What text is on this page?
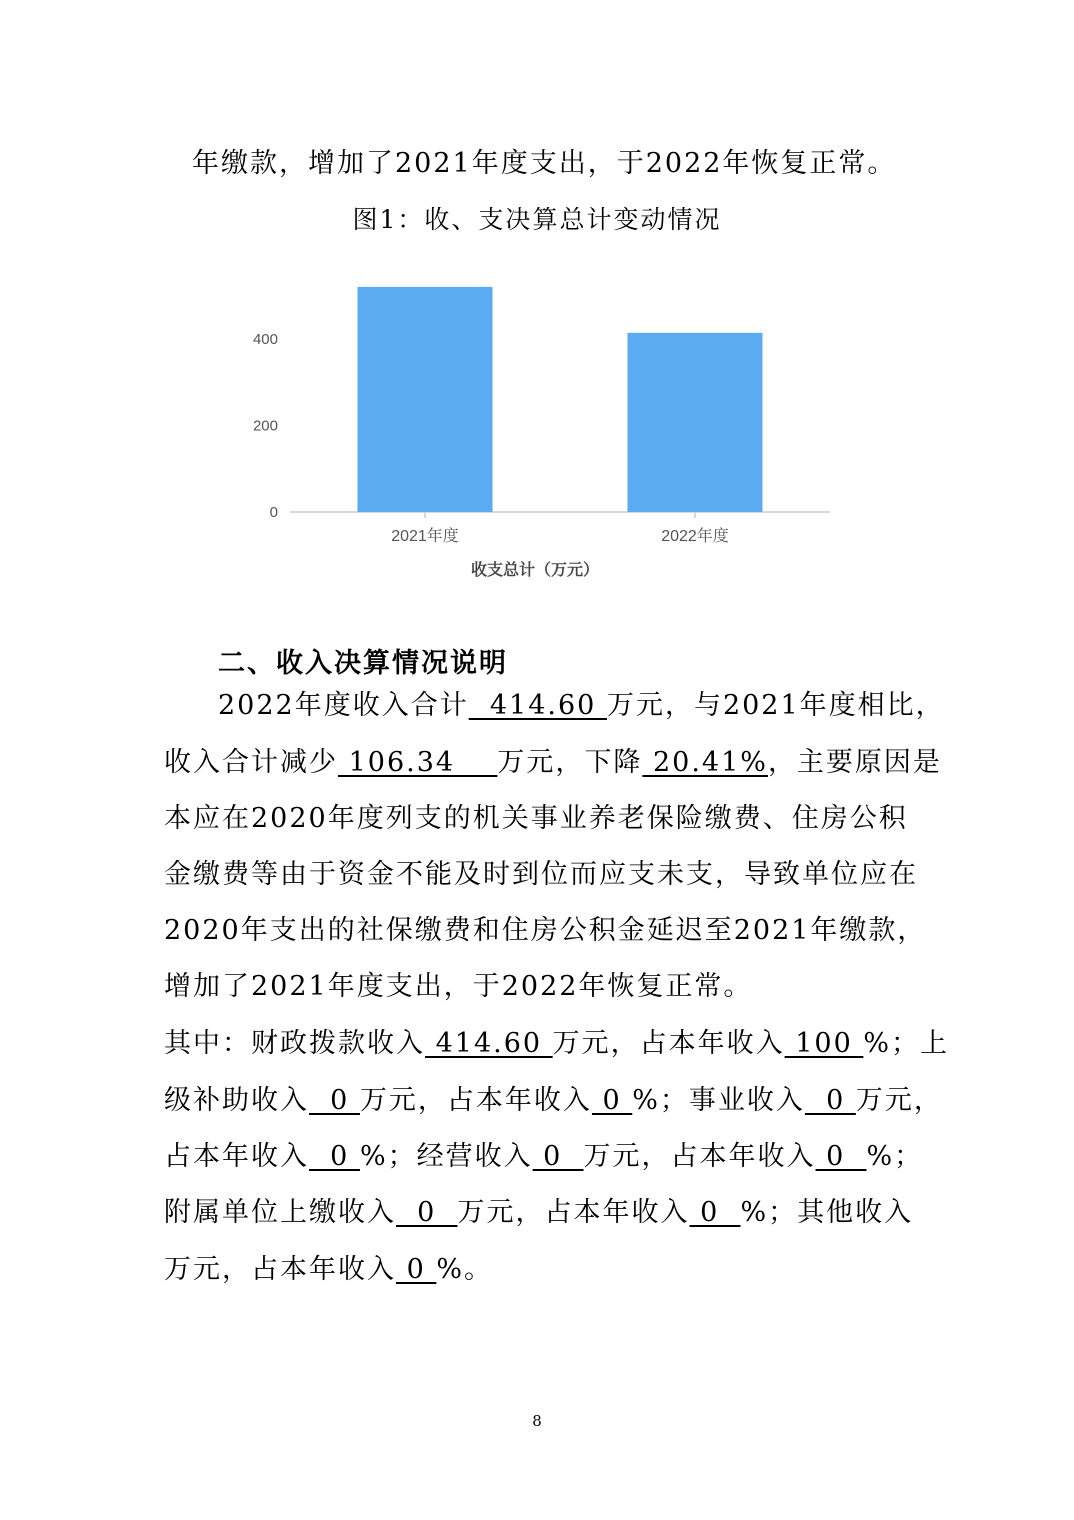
年缴款，增加了2021年度支出，于2022年恢复正常。
图1：收、支决算总计变动情况
0
200
400
2021年度	2022年度
收支总计（万元）
二、收入决算情况说明
2022年度收入合计  414.60 万元，与2021年度相比，
收入合计减少 106.34    万元，下降 20.41%，主要原因是
本应在2020年度列支的机关事业养老保险缴费、住房公积
金缴费等由于资金不能及时到位而应支未支，导致单位应在
2020年支出的社保缴费和住房公积金延迟至2021年缴款，
增加了2021年度支出，于2022年恢复正常。
其中：财政拨款收入 414.60 万元，占本年收入 100 %；上
级补助收入  0 万元，占本年收入 0 %；事业收入  0 万元，
占本年收入  0 %；经营收入 0  万元，占本年收入 0  %；
附属单位上缴收入  0  万元，占本年收入 0  %；其他收入
万元，占本年收入 0 %。
8
